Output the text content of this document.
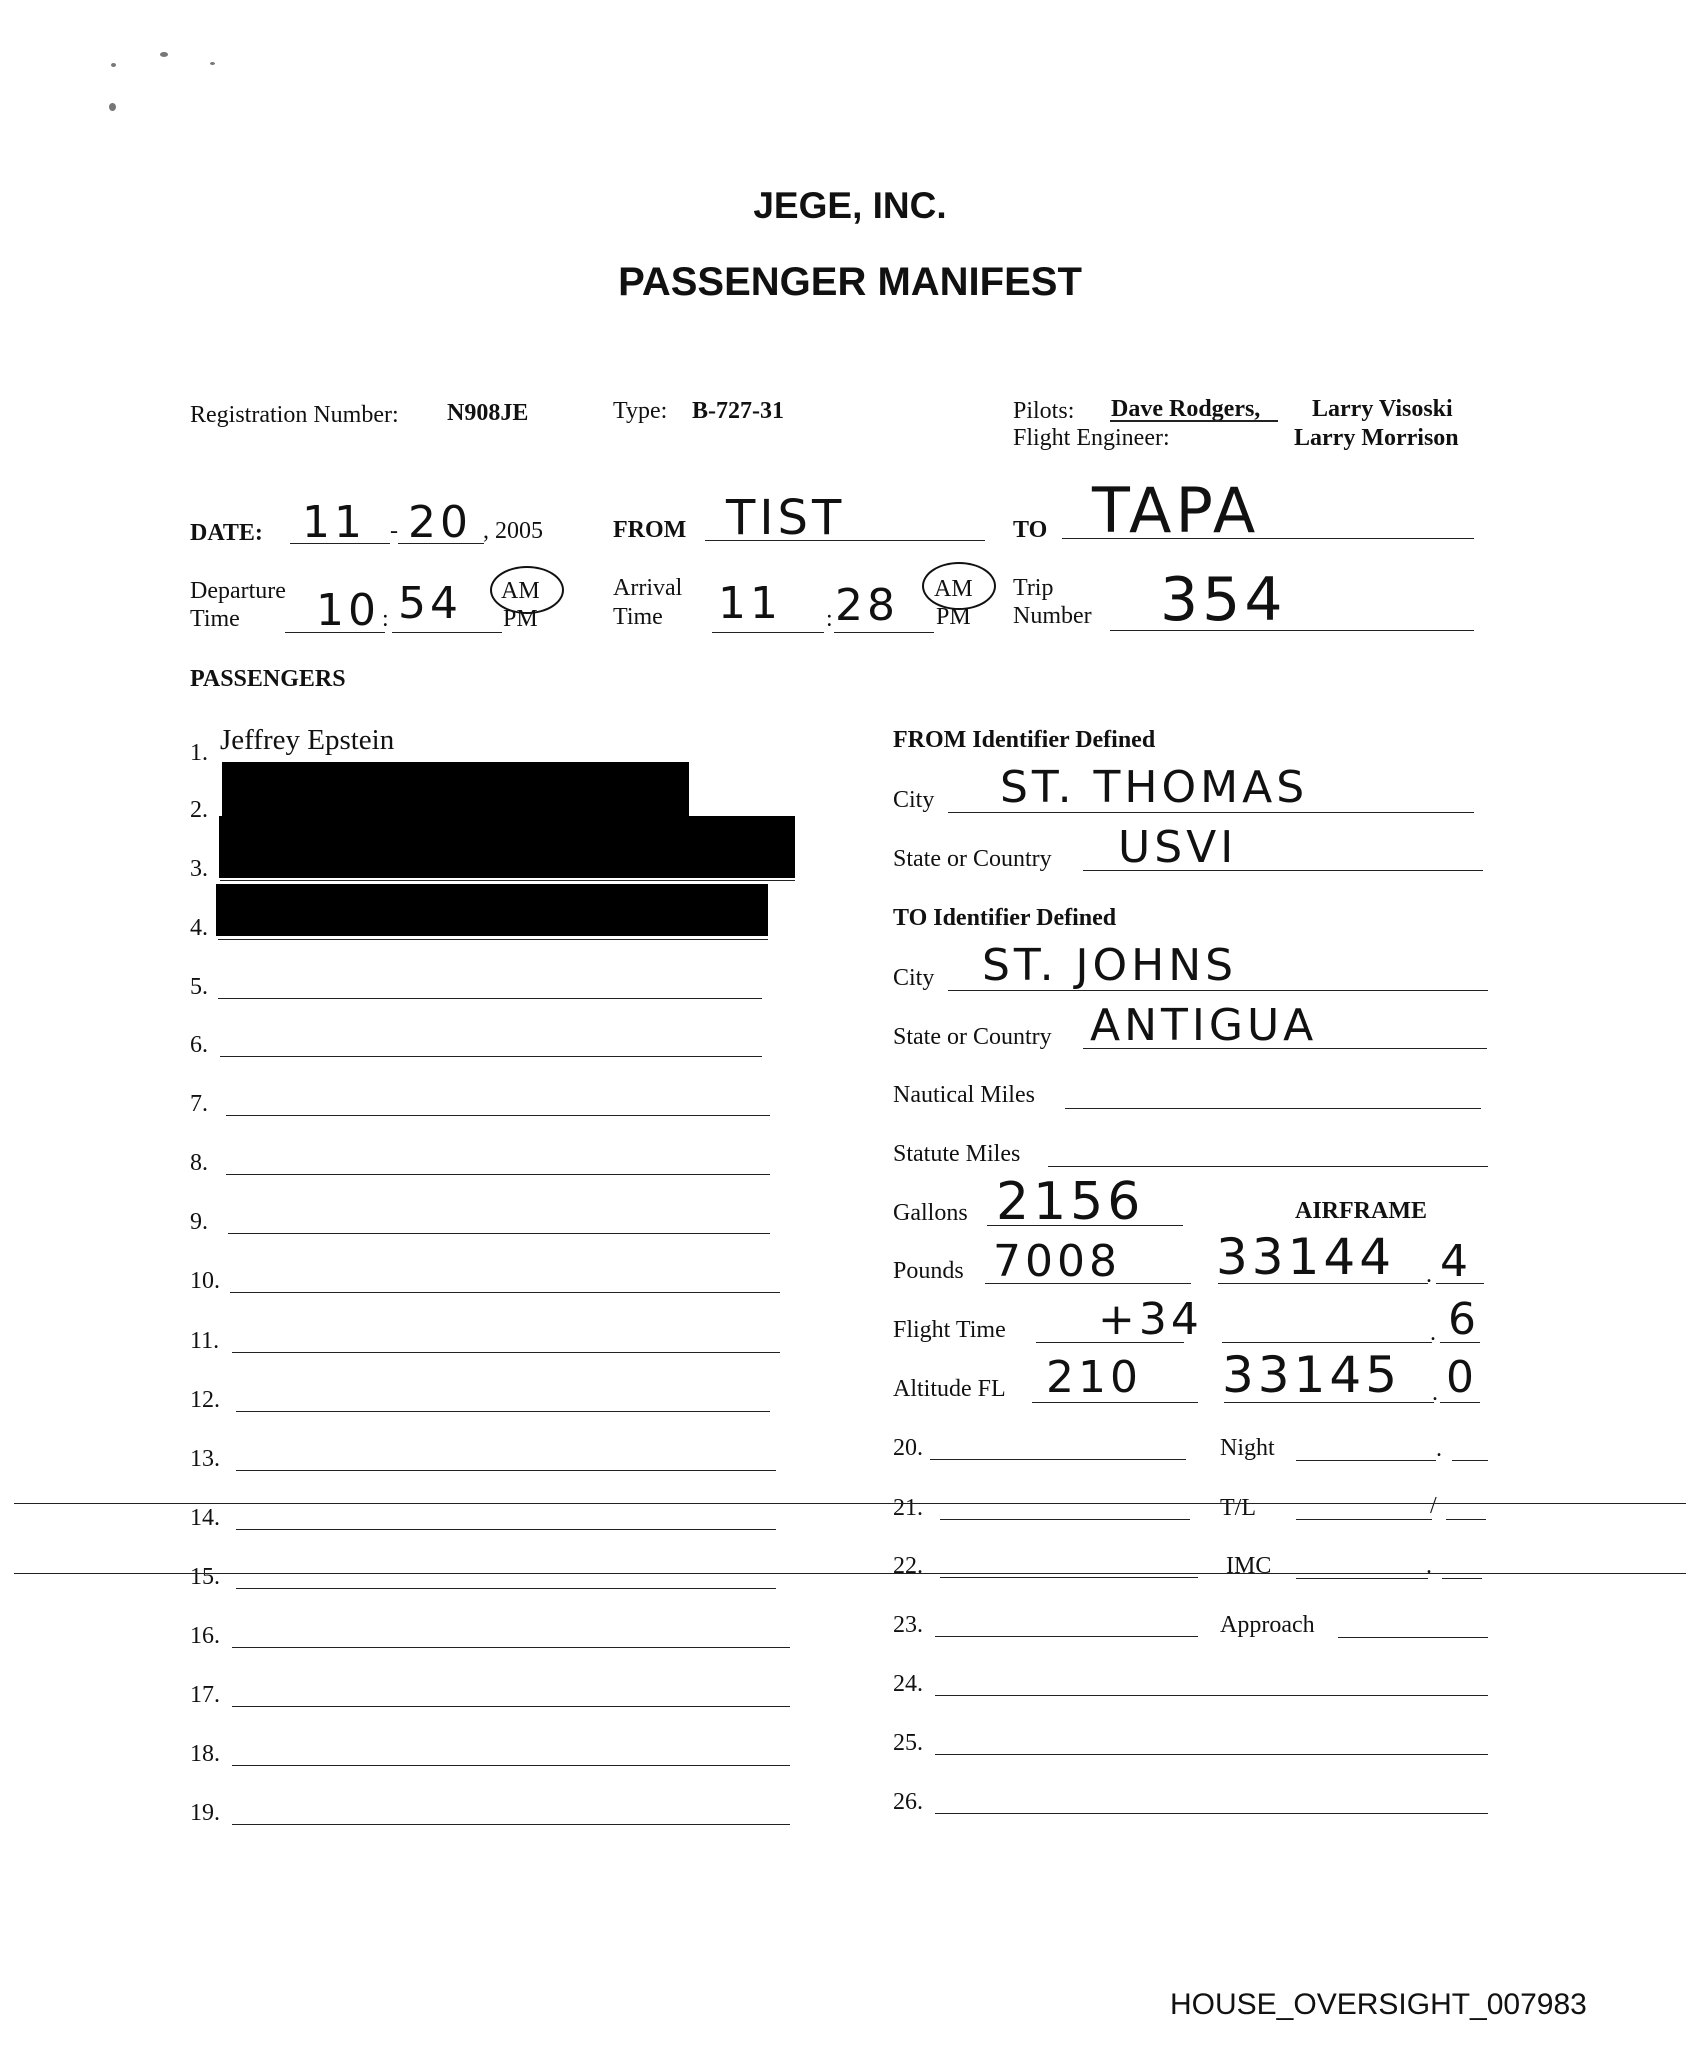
JEGE, INC.
PASSENGER MANIFEST
Registration Number: N908JE	Type: B-727-31	Pilots: Dave Rodgers, Larry Visoski
Flight Engineer:	Larry Morrison
DATE: 11 - 20 , 2005	FROM TIST	TO TAPA
Departure
Time 10 : 54 AM
PM
Arrival
Time 11 : 28 AM
PM
Trip
Number 354
PASSENGERS
1. Jeffrey Epstein
2.
3.
4.
5.
6.
7.
8.
9.
10.
11.
12.
13.
14.
15.
16.
17.
18.
19.
20.
21.
22.
23.
24.
25.
26.
FROM Identifier Defined
City ST. THOMAS
State or Country USVI
TO Identifier Defined
City ST. JOHNS
State or Country ANTIGUA
Nautical Miles
Statute Miles
Gallons 2156	AIRFRAME
Pounds 7008 33144 . 4
Flight Time +34	. 6
Altitude FL 210 33145 . 0
Night	.
T/L	/
IMC	.
Approach
HOUSE_OVERSIGHT_007983
